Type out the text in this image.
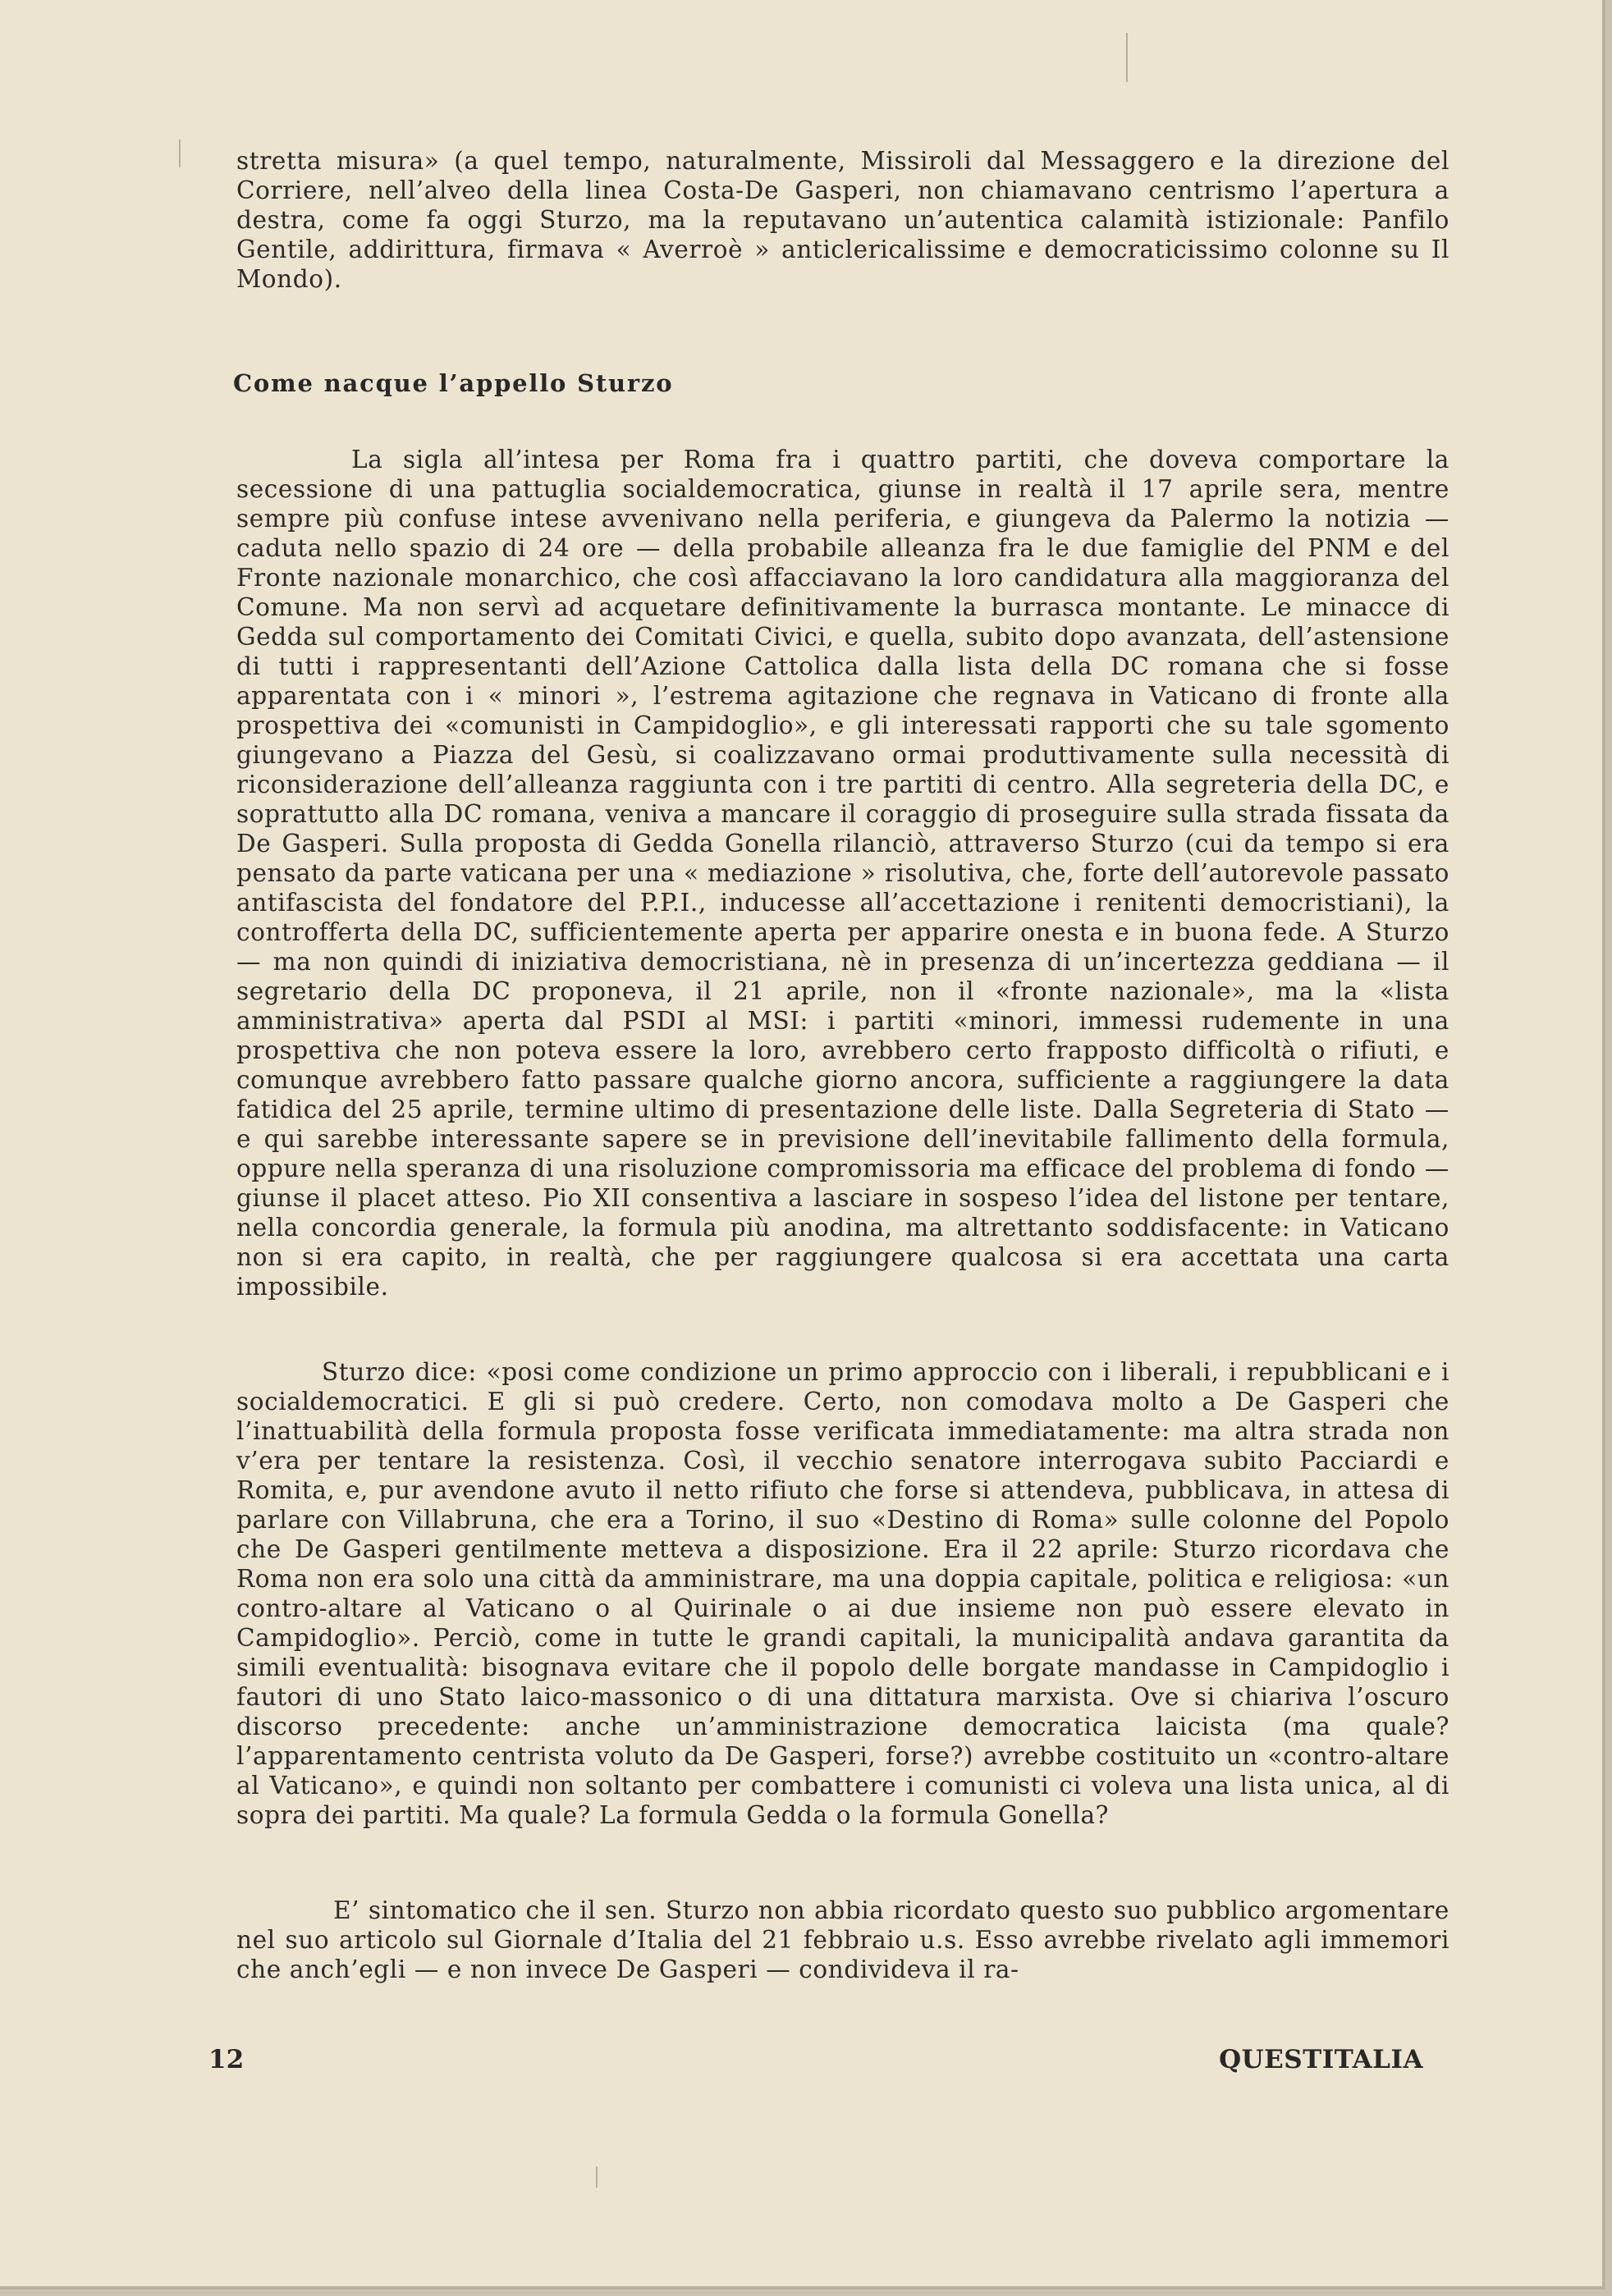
stretta misura» (a quel tempo, naturalmente, Missiroli dal Messaggero e la direzione del Corriere, nell’alveo della linea Costa-De Gasperi, non chiamavano centrismo l’apertura a destra, come fa oggi Sturzo, ma la reputavano un’autentica calamità istizionale: Panfilo Gentile, addirittura, firmava « Averroè » anticlericalissime e democraticissimo colonne su Il Mondo).

Come nacque l’appello Sturzo

La sigla all’intesa per Roma fra i quattro partiti, che doveva comportare la secessione di una pattuglia socialdemocratica, giunse in realtà il 17 aprile sera, mentre sempre più confuse intese avvenivano nella periferia, e giungeva da Palermo la notizia — caduta nello spazio di 24 ore — della probabile alleanza fra le due famiglie del PNM e del Fronte nazionale monarchico, che così affacciavano la loro candidatura alla maggioranza del Comune. Ma non servì ad acquetare definitivamente la burrasca montante. Le minacce di Gedda sul comportamento dei Comitati Civici, e quella, subito dopo avanzata, dell’astensione di tutti i rappresentanti dell’Azione Cattolica dalla lista della DC romana che si fosse apparentata con i « minori », l’estrema agitazione che regnava in Vaticano di fronte alla prospettiva dei «comunisti in Campidoglio», e gli interessati rapporti che su tale sgomento giungevano a Piazza del Gesù, si coalizzavano ormai produttivamente sulla necessità di riconsiderazione dell’alleanza raggiunta con i tre partiti di centro. Alla segreteria della DC, e soprattutto alla DC romana, veniva a mancare il coraggio di proseguire sulla strada fissata da De Gasperi. Sulla proposta di Gedda Gonella rilanciò, attraverso Sturzo (cui da tempo si era pensato da parte vaticana per una « mediazione » risolutiva, che, forte dell’autorevole passato antifascista del fondatore del P.P.I., inducesse all’accettazione i renitenti democristiani), la controfferta della DC, sufficientemente aperta per apparire onesta e in buona fede. A Sturzo — ma non quindi di iniziativa democristiana, nè in presenza di un’incertezza geddiana — il segretario della DC proponeva, il 21 aprile, non il «fronte nazionale», ma la «lista amministrativa» aperta dal PSDI al MSI: i partiti «minori, immessi rudemente in una prospettiva che non poteva essere la loro, avrebbero certo frapposto difficoltà o rifiuti, e comunque avrebbero fatto passare qualche giorno ancora, sufficiente a raggiungere la data fatidica del 25 aprile, termine ultimo di presentazione delle liste. Dalla Segreteria di Stato — e qui sarebbe interessante sapere se in previsione dell’inevitabile fallimento della formula, oppure nella speranza di una risoluzione compromissoria ma efficace del problema di fondo — giunse il placet atteso. Pio XII consentiva a lasciare in sospeso l’idea del listone per tentare, nella concordia generale, la formula più anodina, ma altrettanto soddisfacente: in Vaticano non si era capito, in realtà, che per raggiungere qualcosa si era accettata una carta impossibile.

Sturzo dice: «posi come condizione un primo approccio con i liberali, i repubblicani e i socialdemocratici. E gli si può credere. Certo, non comodava molto a De Gasperi che l’inattuabilità della formula proposta fosse verificata immediatamente: ma altra strada non v’era per tentare la resistenza. Così, il vecchio senatore interrogava subito Pacciardi e Romita, e, pur avendone avuto il netto rifiuto che forse si attendeva, pubblicava, in attesa di parlare con Villabruna, che era a Torino, il suo «Destino di Roma» sulle colonne del Popolo che De Gasperi gentilmente metteva a disposizione. Era il 22 aprile: Sturzo ricordava che Roma non era solo una città da amministrare, ma una doppia capitale, politica e religiosa: «un contro-altare al Vaticano o al Quirinale o ai due insieme non può essere elevato in Campidoglio». Perciò, come in tutte le grandi capitali, la municipalità andava garantita da simili eventualità: bisognava evitare che il popolo delle borgate mandasse in Campidoglio i fautori di uno Stato laico-massonico o di una dittatura marxista. Ove si chiariva l’oscuro discorso precedente: anche un’amministrazione democratica laicista (ma quale? l’apparentamento centrista voluto da De Gasperi, forse?) avrebbe costituito un «contro-altare al Vaticano», e quindi non soltanto per combattere i comunisti ci voleva una lista unica, al di sopra dei partiti. Ma quale? La formula Gedda o la formula Gonella?

E’ sintomatico che il sen. Sturzo non abbia ricordato questo suo pubblico argomentare nel suo articolo sul Giornale d’Italia del 21 febbraio u.s. Esso avrebbe rivelato agli immemori che anch’egli — e non invece De Gasperi — condivideva il ra-

12	QUESTITALIA
